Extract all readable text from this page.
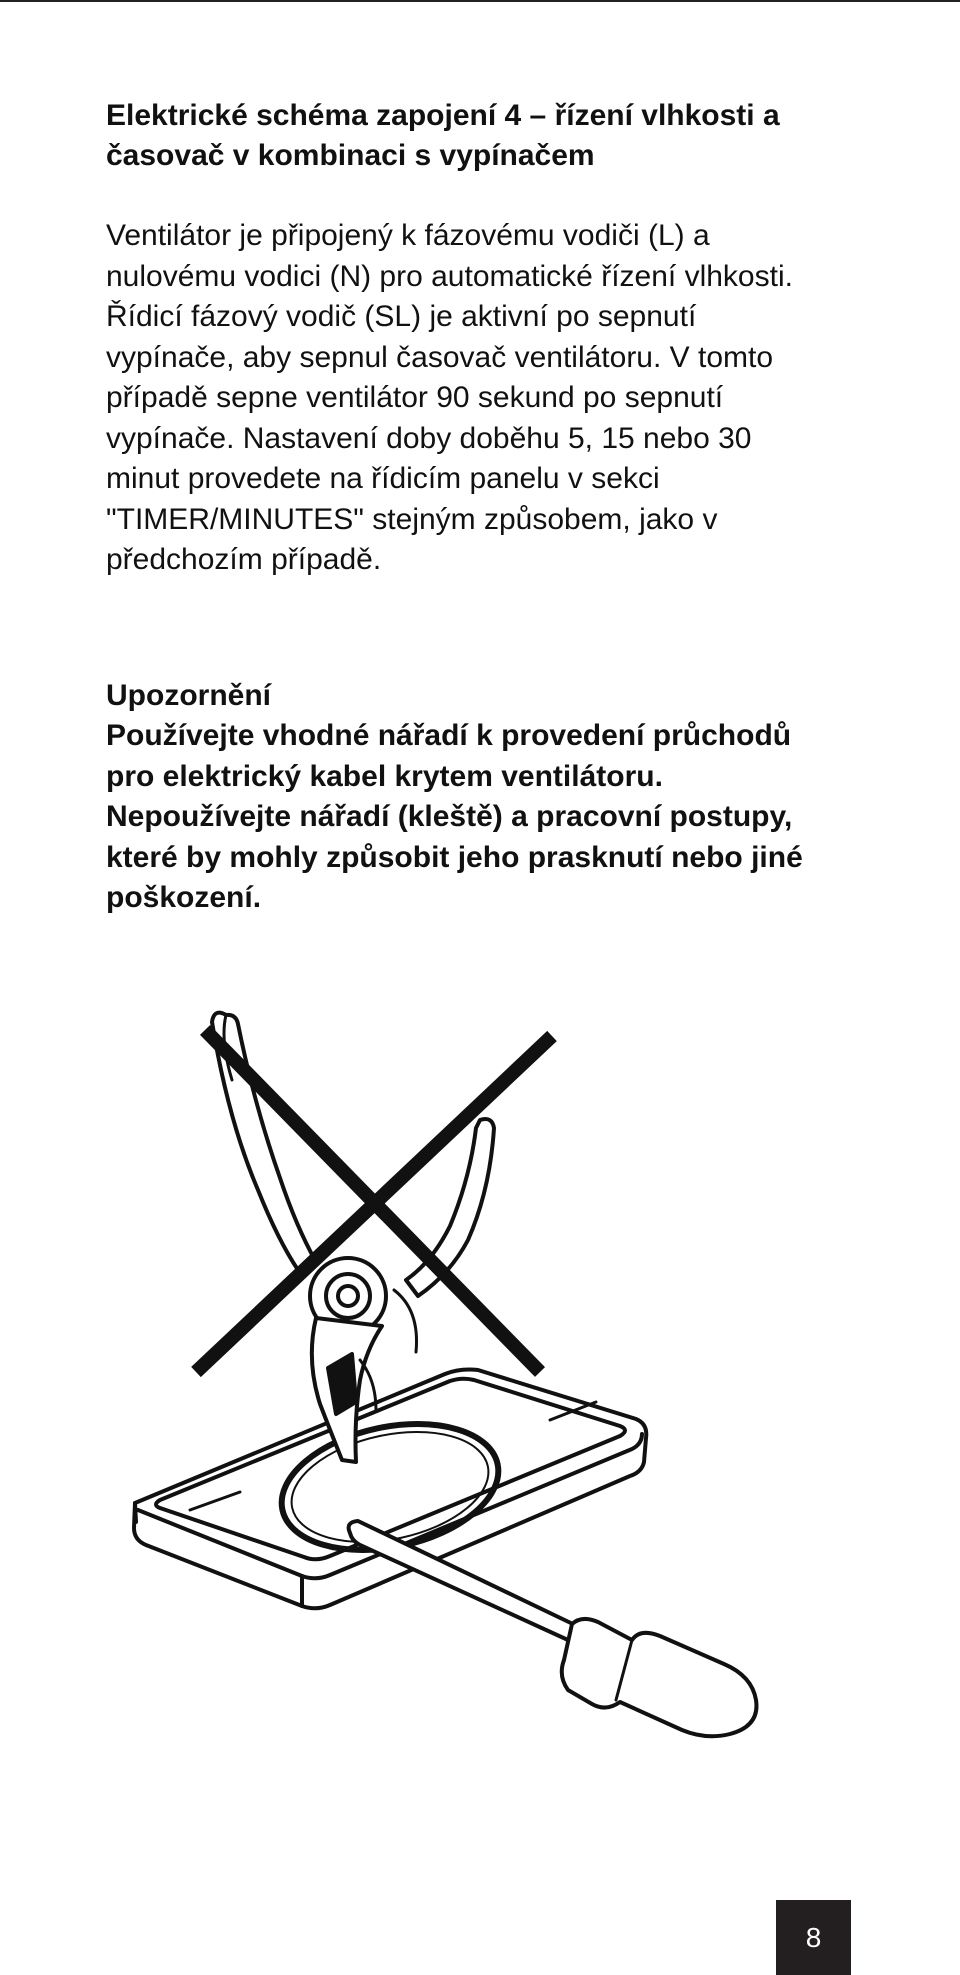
Elektrické schéma zapojení 4 – řízení vlhkosti a
časovač v kombinaci s vypínačem

Ventilátor je připojený k fázovému vodiči (L) a
nulovému vodici (N) pro automatické řízení vlhkosti.
Řídicí fázový vodič (SL) je aktivní po sepnutí
vypínače, aby sepnul časovač ventilátoru. V tomto
případě sepne ventilátor 90 sekund po sepnutí
vypínače. Nastavení doby doběhu 5, 15 nebo 30
minut provedete na řídicím panelu v sekci
"TIMER/MINUTES" stejným způsobem, jako v
předchozím případě.

Upozornění

Používejte vhodné nářadí k provedení průchodů

pro elektrický kabel krytem ventilátoru.

Nepoužívejte nářadí (kleště) a pracovní postupy,

které by mohly způsobit jeho prasknutí nebo jiné

poškození.

8
